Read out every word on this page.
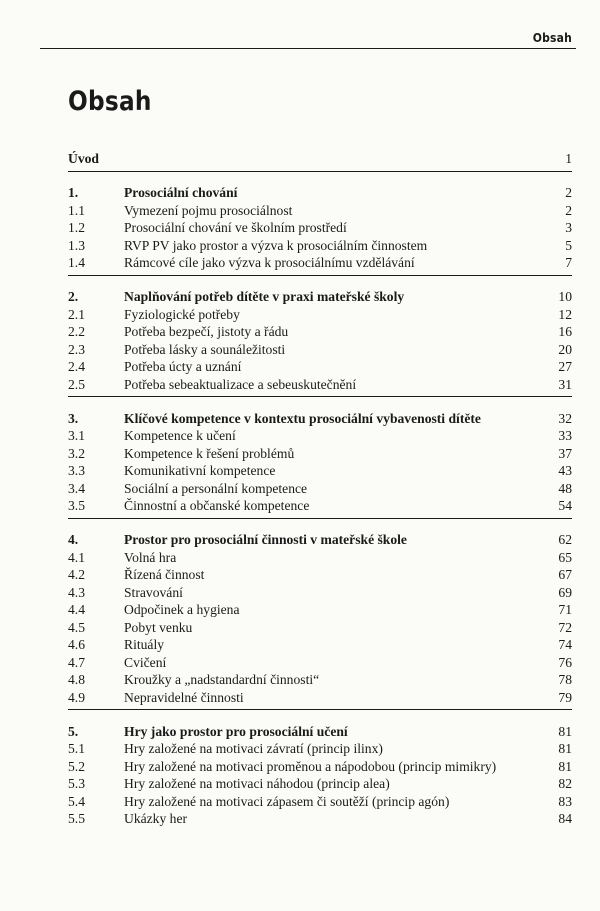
Obsah
Obsah
Úvod	1
1.	Prosociální chování	2
1.1	Vymezení pojmu prosociálnost	2
1.2	Prosociální chování ve školním prostředí	3
1.3	RVP PV jako prostor a výzva k prosociálním činnostem	5
1.4	Rámcové cíle jako výzva k prosociálnímu vzdělávání	7
2.	Naplňování potřeb dítěte v praxi mateřské školy	10
2.1	Fyziologické potřeby	12
2.2	Potřeba bezpečí, jistoty a řádu	16
2.3	Potřeba lásky a sounáležitosti	20
2.4	Potřeba úcty a uznání	27
2.5	Potřeba sebeaktualizace a sebeuskutečnění	31
3.	Klíčové kompetence v kontextu prosociální vybavenosti dítěte	32
3.1	Kompetence k učení	33
3.2	Kompetence k řešení problémů	37
3.3	Komunikativní kompetence	43
3.4	Sociální a personální kompetence	48
3.5	Činnostní a občanské kompetence	54
4.	Prostor pro prosociální činnosti v mateřské škole	62
4.1	Volná hra	65
4.2	Řízená činnost	67
4.3	Stravování	69
4.4	Odpočinek a hygiena	71
4.5	Pobyt venku	72
4.6	Rituály	74
4.7	Cvičení	76
4.8	Kroužky a „nadstandardní činnosti“	78
4.9	Nepravidelné činnosti	79
5.	Hry jako prostor pro prosociální učení	81
5.1	Hry založené na motivaci závratí (princip ilinx)	81
5.2	Hry založené na motivaci proměnou a nápodobou (princip mimikry)	81
5.3	Hry založené na motivaci náhodou (princip alea)	82
5.4	Hry založené na motivaci zápasem či soutěží (princip agón)	83
5.5	Ukázky her	84
